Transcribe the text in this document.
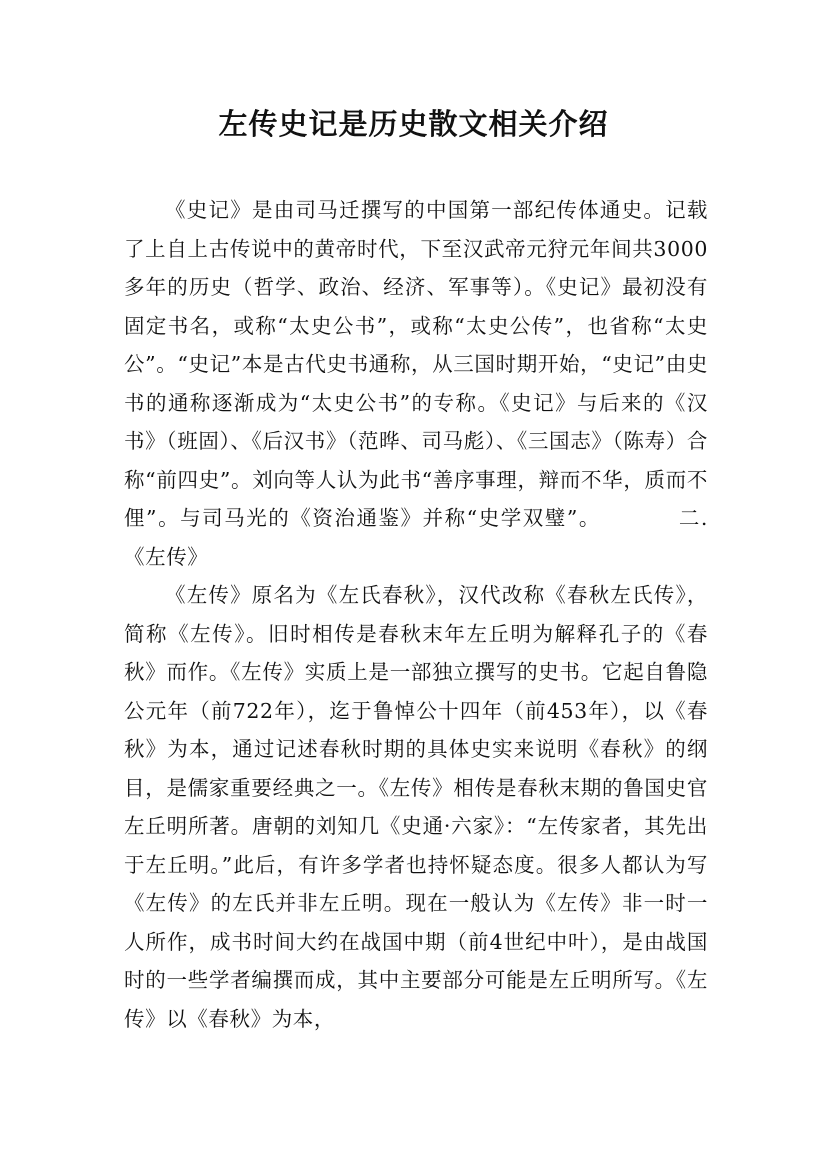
左传史记是历史散文相关介绍

《史记》是由司马迁撰写的中国第一部纪传体通史。记载了上自上古传说中的黄帝时代，下至汉武帝元狩元年间共3000多年的历史（哲学、政治、经济、军事等）。《史记》最初没有固定书名，或称“太史公书”，或称“太史公传”，也省称“太史公”。“史记”本是古代史书通称，从三国时期开始，“史记”由史书的通称逐渐成为“太史公书”的专称。《史记》与后来的《汉书》（班固）、《后汉书》（范晔、司马彪）、《三国志》（陈寿）合称“前四史”。刘向等人认为此书“善序事理，辩而不华，质而不俚”。与司马光的《资治通鉴》并称“史学双璧”。　　　　二.《左传》

《左传》原名为《左氏春秋》，汉代改称《春秋左氏传》，简称《左传》。旧时相传是春秋末年左丘明为解释孔子的《春秋》而作。《左传》实质上是一部独立撰写的史书。它起自鲁隐公元年（前722年），迄于鲁悼公十四年（前453年），以《春秋》为本，通过记述春秋时期的具体史实来说明《春秋》的纲目，是儒家重要经典之一。《左传》相传是春秋末期的鲁国史官左丘明所著。唐朝的刘知几《史通·六家》：“左传家者，其先出于左丘明。”此后，有许多学者也持怀疑态度。很多人都认为写《左传》的左氏并非左丘明。现在一般认为《左传》非一时一人所作，成书时间大约在战国中期（前4世纪中叶），是由战国时的一些学者编撰而成，其中主要部分可能是左丘明所写。《左传》以《春秋》为本，
